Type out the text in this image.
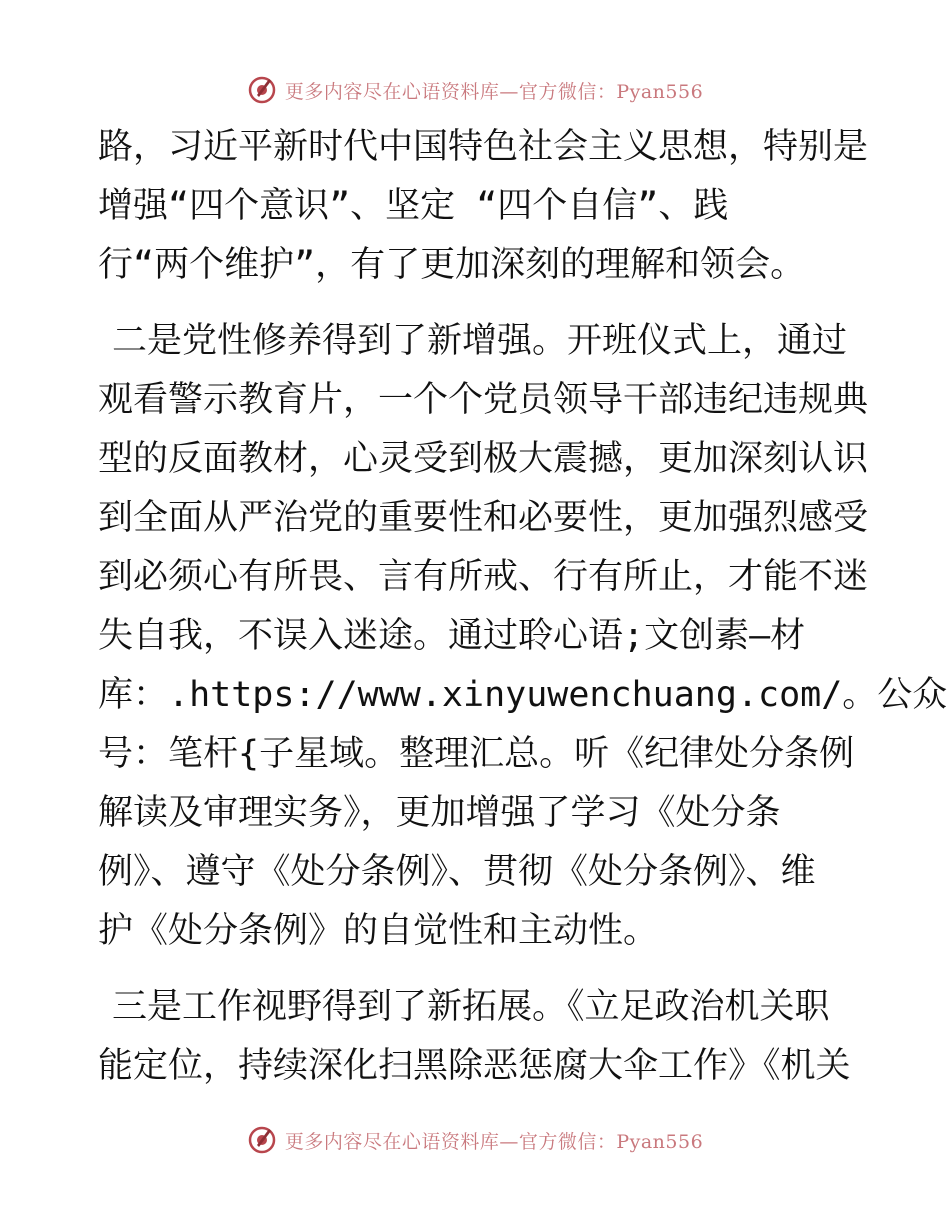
更多内容尽在心语资料库—官方微信：Pyan556
路，习近平新时代中国特色社会主义思想，特别是
增强“四个意识”、坚定 “四个自信”、践
行“两个维护”，有了更加深刻的理解和领会。
二是党性修养得到了新增强。开班仪式上，通过
观看警示教育片，一个个党员领导干部违纪违规典
型的反面教材，心灵受到极大震撼，更加深刻认识
到全面从严治党的重要性和必要性，更加强烈感受
到必须心有所畏、言有所戒、行有所止，才能不迷
失自我，不误入迷途。通过聆心语;文创素—材
库：.https://www.xinyuwenchuang.com/。公众
号：笔杆{子星域。整理汇总。听《纪律处分条例
解读及审理实务》，更加增强了学习《处分条
例》、遵守《处分条例》、贯彻《处分条例》、维
护《处分条例》的自觉性和主动性。
三是工作视野得到了新拓展。《立足政治机关职
能定位，持续深化扫黑除恶惩腐大伞工作》《机关
更多内容尽在心语资料库—官方微信：Pyan556
